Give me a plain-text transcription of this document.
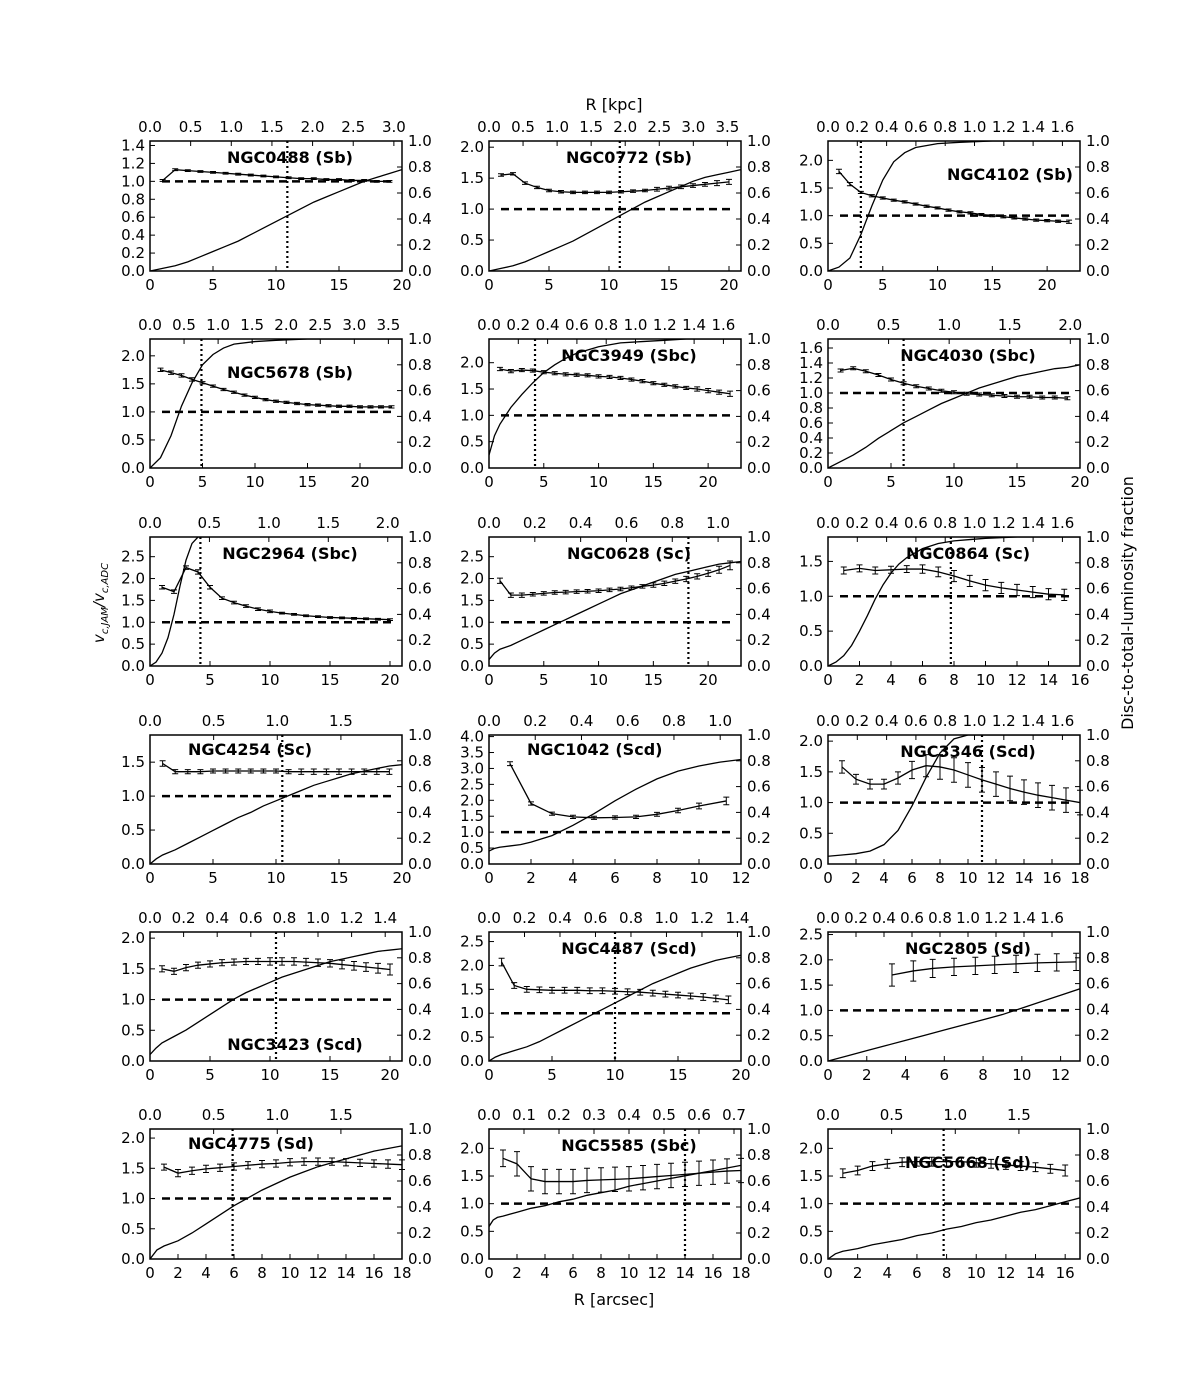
0	5	10	15	20
0.0 0.5 1.0 1.5 2.0 2.5 3.0
0.0
0.2
0.4
0.6
0.8
1.0
1.2
1.4
0.0
0.2
0.4
0.6
0.8
1.0
NGC0488 (Sb)
0	5	10	15	20
0.0 0.5 1.0 1.5 2.0 2.5 3.0 3.5
0.0
0.5
1.0
1.5
2.0
0.0
0.2
0.4
0.6
0.8
1.0
NGC0772 (Sb)
0	5	10 15 20
0.0 0.2 0.4 0.6 0.8 1.0 1.2 1.4 1.6
0.0
0.5
1.0
1.5
2.0
0.0
0.2
0.4
0.6
0.8
1.0
NGC4102 (Sb)
0	5	10 15 20
0.0 0.5 1.0 1.5 2.0 2.5 3.0 3.5
0.0
0.5
1.0
1.5
2.0
0.0
0.2
0.4
0.6
0.8
1.0
NGC5678 (Sb)
0	5	10 15 20
0.0 0.2 0.4 0.6 0.8 1.0 1.2 1.4 1.6
0.0
0.5
1.0
1.5
2.0
0.0
0.2
0.4
0.6
0.8
1.0
NGC3949 (Sbc)
0	5	10	15	20
0.0 0.5 1.0 1.5 2.0
0.0
0.2
0.4
0.6
0.8
1.0
1.2
1.4
1.6
0.0
0.2
0.4
0.6
0.8
1.0
NGC4030 (Sbc)
0	5	10	15	20
0.0 0.5 1.0 1.5 2.0
0.0
0.5
1.0
1.5
2.0
2.5
0.0
0.2
0.4
0.6
0.8
1.0
NGC2964 (Sbc)
0	5	10 15 20
0.0 0.2 0.4 0.6 0.8 1.0
0.0
0.5
1.0
1.5
2.0
2.5
0.0
0.2
0.4
0.6
0.8
1.0
NGC0628 (Sc)
0 2 4 6 8 10 12 14 16
0.0 0.2 0.4 0.6 0.8 1.0 1.2 1.4 1.6
0.0
0.5
1.0
1.5
0.0
0.2
0.4
0.6
0.8
1.0
NGC0864 (Sc)
0	5	10	15	20
0.0	0.5	1.0	1.5
0.0
0.5
1.0
1.5
0.0
0.2
0.4
0.6
0.8
1.0
NGC4254 (Sc)
0 2 4 6 8 10 12
0.0 0.2 0.4 0.6 0.8 1.0
0.0
0.5
1.0
1.5
2.0
2.5
3.0
3.5
4.0
0.0
0.2
0.4
0.6
0.8
1.0
NGC1042 (Scd)
0 2 4 6 8 10 12 14 16 18
0.0 0.2 0.4 0.6 0.8 1.0 1.2 1.4 1.6
0.0
0.5
1.0
1.5
2.0
0.0
0.2
0.4
0.6
0.8
1.0
NGC3346 (Scd)
0	5	10	15	20
0.0 0.2 0.4 0.6 0.8 1.0 1.2 1.4
0.0
0.5
1.0
1.5
2.0
0.0
0.2
0.4
0.6
0.8
1.0
NGC3423 (Scd)
0	5	10	15	20
0.0 0.2 0.4 0.6 0.8 1.0 1.2 1.4
0.0
0.5
1.0
1.5
2.0
2.5
0.0
0.2
0.4
0.6
0.8
1.0
NGC4487 (Scd)
0 2 4 6 8 10 12
0.0 0.2 0.4 0.6 0.8 1.0 1.2 1.4 1.6
0.0
0.5
1.0
1.5
2.0
2.5
0.0
0.2
0.4
0.6
0.8
1.0
NGC2805 (Sd)
0 2 4 6 8 10 12 14 16 18
0.0	0.5	1.0	1.5
0.0
0.5
1.0
1.5
2.0
0.0
0.2
0.4
0.6
0.8
1.0
NGC4775 (Sd)
0 2 4 6 8 10 12 14 16 18
0.0 0.1 0.2 0.3 0.4 0.5 0.6 0.7
0.0
0.5
1.0
1.5
2.0
0.0
0.2
0.4
0.6
0.8
1.0
NGC5585 (Sbc)
0 2 4 6 8 10 12 14 16
0.0	0.5	1.0	1.5
0.0
0.5
1.0
1.5
2.0
0.0
0.2
0.4
0.6
0.8
1.0
NGC5668 (Sd)
R [kpc]
R [arcsec]
Disc-to-total-luminosity fraction
$v_{c,JAM}/v_{c,ADC}$
